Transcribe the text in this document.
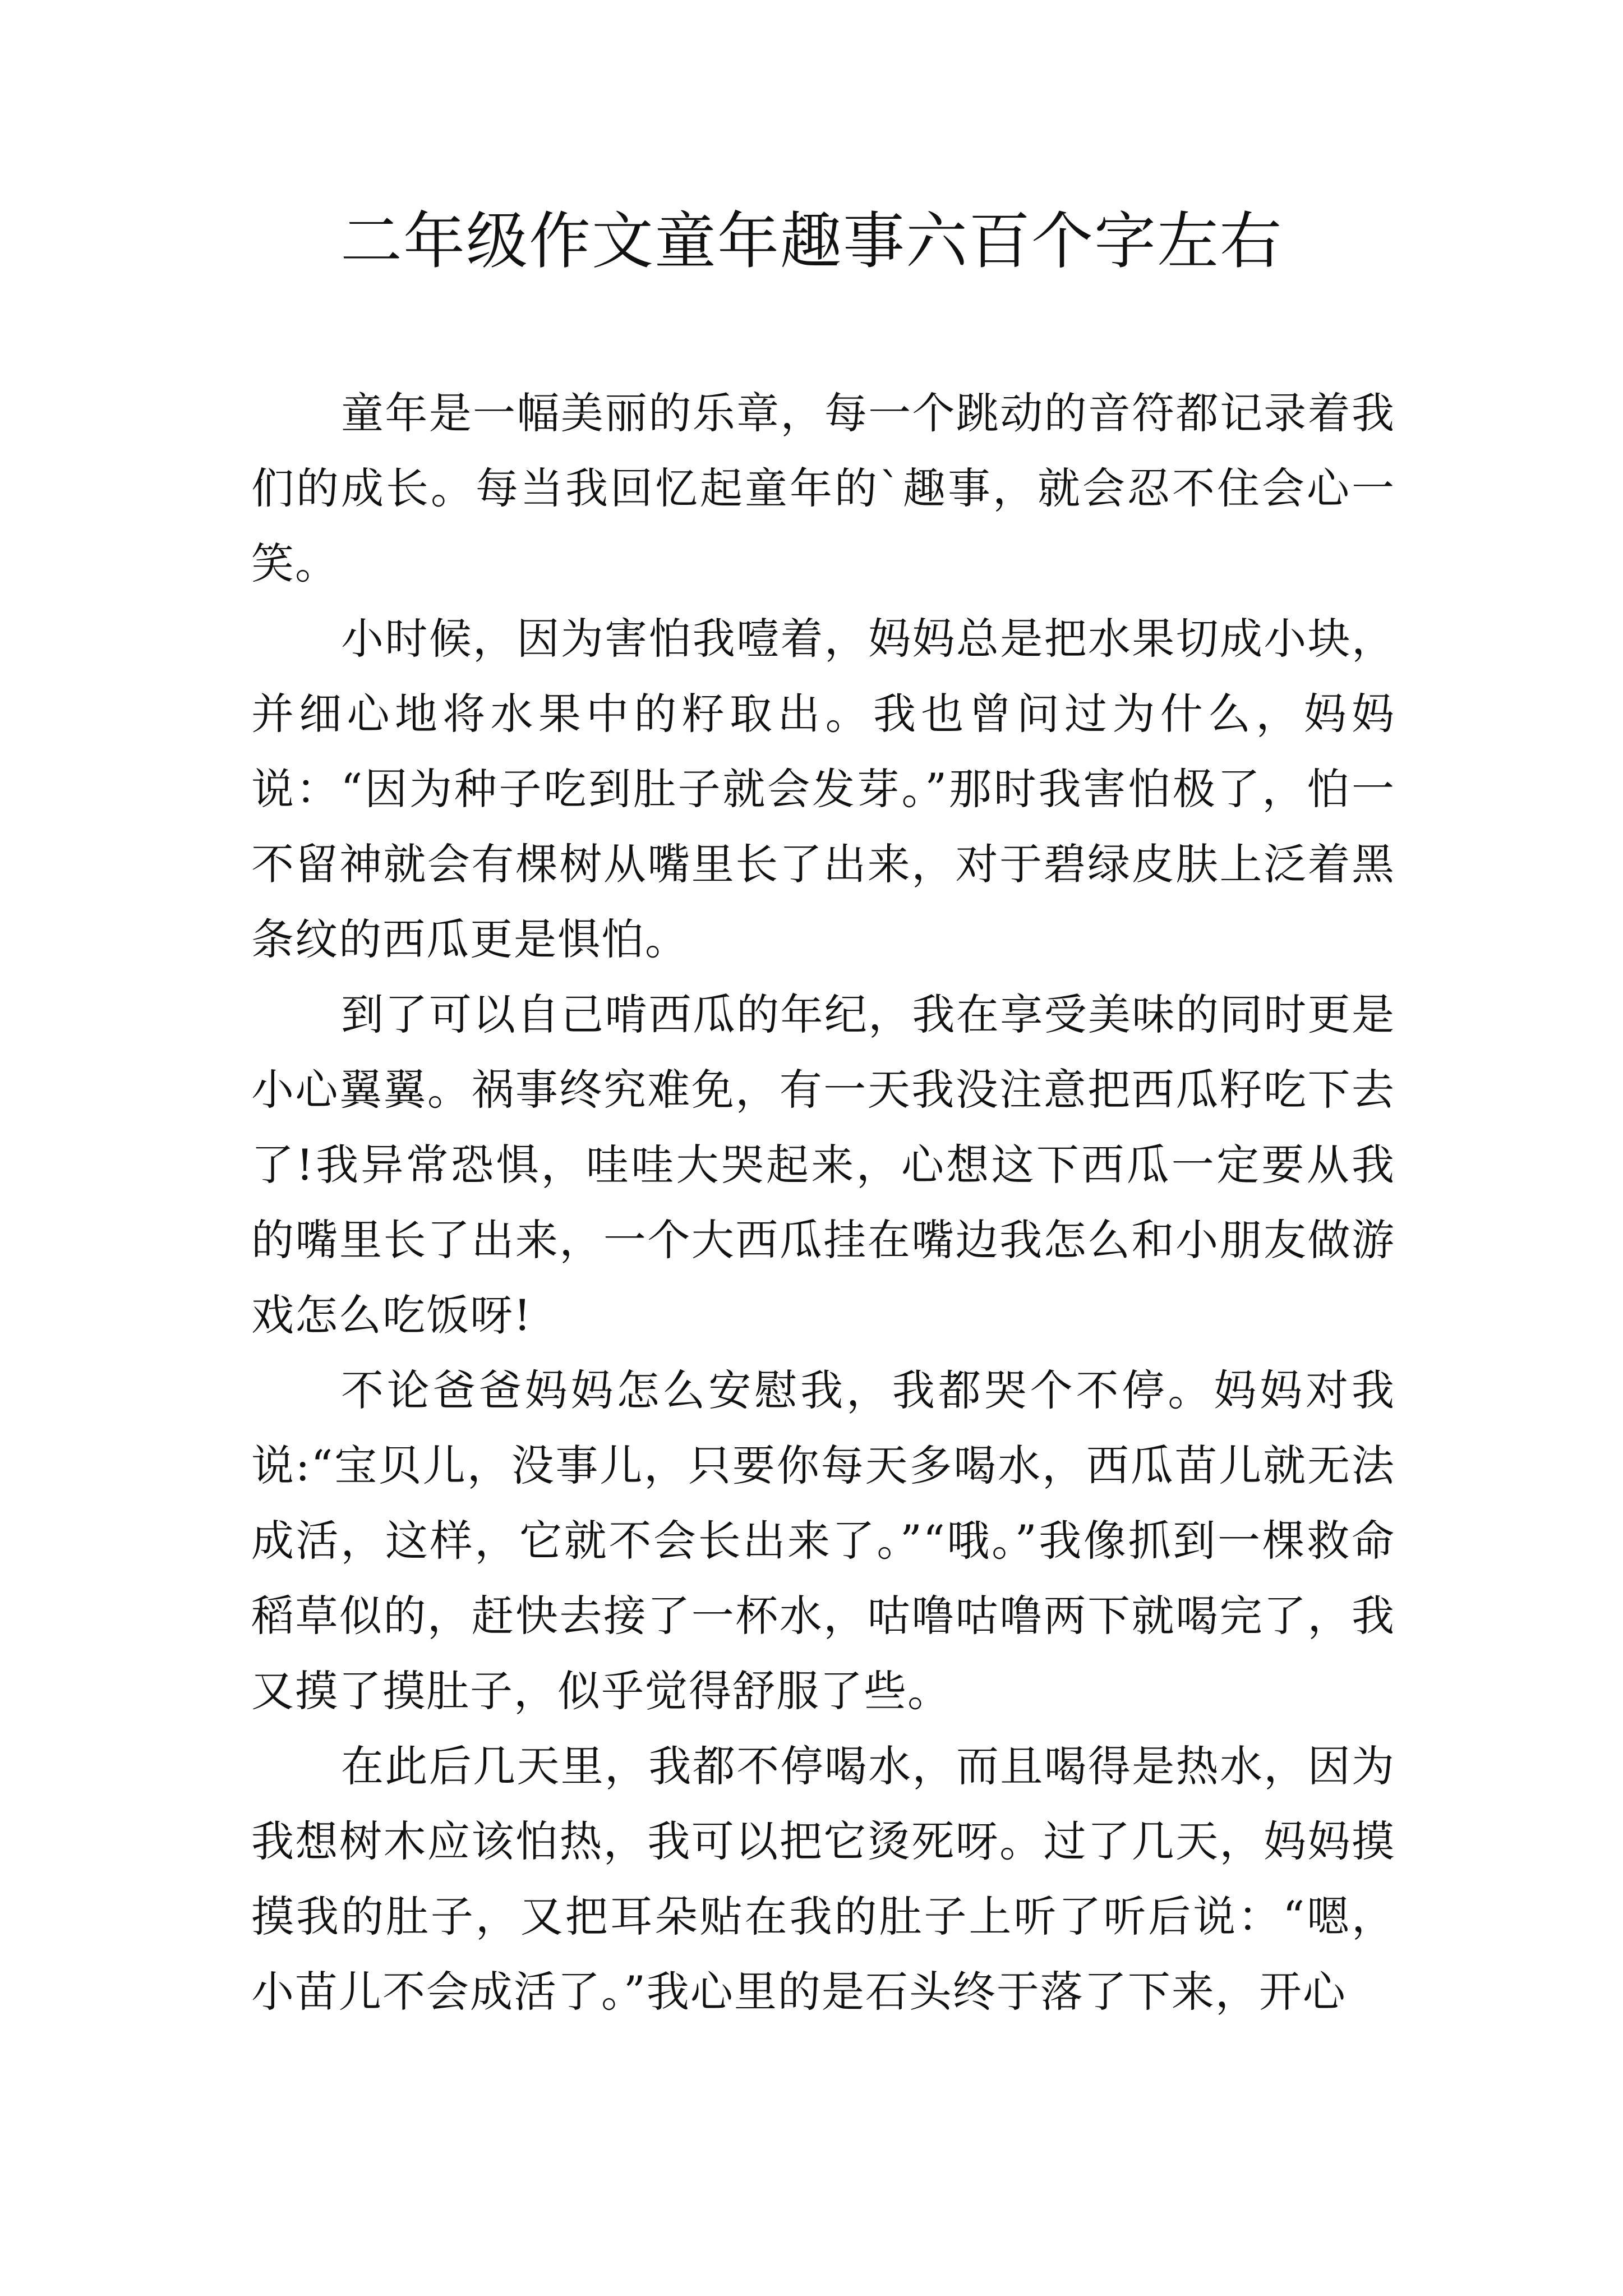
二年级作文童年趣事六百个字左右

童年是一幅美丽的乐章，每一个跳动的音符都记录着我们的成长。每当我回忆起童年的`趣事，就会忍不住会心一笑。

小时候，因为害怕我噎着，妈妈总是把水果切成小块，并细心地将水果中的籽取出。我也曾问过为什么，妈妈说：“因为种子吃到肚子就会发芽。”那时我害怕极了，怕一不留神就会有棵树从嘴里长了出来，对于碧绿皮肤上泛着黑条纹的西瓜更是惧怕。

到了可以自己啃西瓜的年纪，我在享受美味的同时更是小心翼翼。祸事终究难免，有一天我没注意把西瓜籽吃下去了!我异常恐惧，哇哇大哭起来，心想这下西瓜一定要从我的嘴里长了出来，一个大西瓜挂在嘴边我怎么和小朋友做游戏怎么吃饭呀!

不论爸爸妈妈怎么安慰我，我都哭个不停。妈妈对我说:“宝贝儿，没事儿，只要你每天多喝水，西瓜苗儿就无法成活，这样，它就不会长出来了。”“哦。”我像抓到一棵救命稻草似的，赶快去接了一杯水，咕噜咕噜两下就喝完了，我又摸了摸肚子，似乎觉得舒服了些。

在此后几天里，我都不停喝水，而且喝得是热水，因为我想树木应该怕热，我可以把它烫死呀。过了几天，妈妈摸摸我的肚子，又把耳朵贴在我的肚子上听了听后说：“嗯，小苗儿不会成活了。”我心里的是石头终于落了下来，开心
